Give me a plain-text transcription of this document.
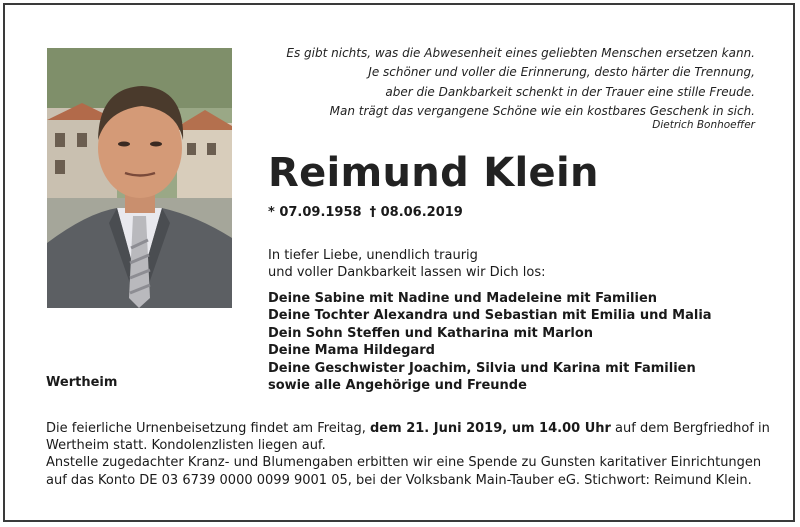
Es gibt nichts, was die Abwesenheit eines geliebten Menschen ersetzen kann.
Je schöner und voller die Erinnerung, desto härter die Trennung,
aber die Dankbarkeit schenkt in der Trauer eine stille Freude.
Man trägt das vergangene Schöne wie ein kostbares Geschenk in sich.
Dietrich Bonhoeffer
Reimund Klein
* 07.09.1958 † 08.06.2019
In tiefer Liebe, unendlich traurig
und voller Dankbarkeit lassen wir Dich los:
Deine Sabine mit Nadine und Madeleine mit Familien
Deine Tochter Alexandra und Sebastian mit Emilia und Malia
Dein Sohn Steffen und Katharina mit Marlon
Deine Mama Hildegard
Deine Geschwister Joachim, Silvia und Karina mit Familien
sowie alle Angehörige und Freunde
Wertheim
Die feierliche Urnenbeisetzung findet am Freitag, dem 21. Juni 2019, um 14.00 Uhr auf dem Bergfriedhof in
Wertheim statt. Kondolenzlisten liegen auf.
Anstelle zugedachter Kranz- und Blumengaben erbitten wir eine Spende zu Gunsten karitativer Einrichtungen
auf das Konto DE 03 6739 0000 0099 9001 05, bei der Volksbank Main-Tauber eG. Stichwort: Reimund Klein.
